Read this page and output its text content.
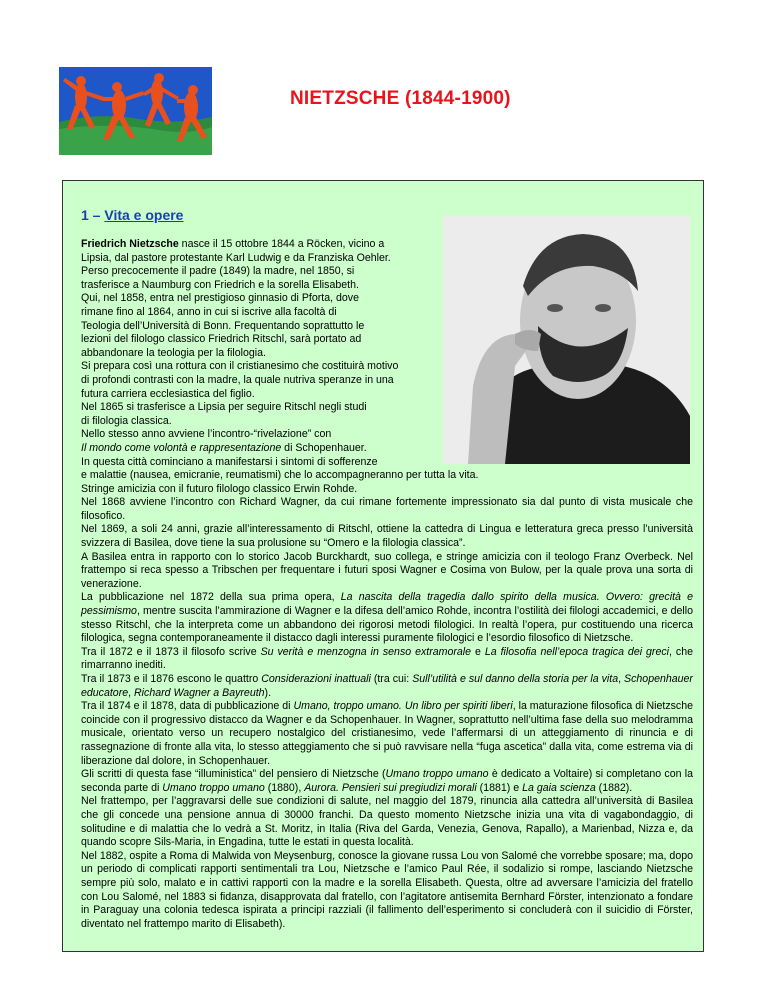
NIETZSCHE (1844-1900)
1 – Vita e opere
Friedrich Nietzsche nasce il 15 ottobre 1844 a Röcken, vicino a
Lipsia, dal pastore protestante Karl Ludwig e da Franziska Oehler.
Perso precocemente il padre (1849) la madre, nel 1850, si
trasferisce a Naumburg con Friedrich e la sorella Elisabeth.
Qui, nel 1858, entra nel prestigioso ginnasio di Pforta, dove
rimane fino al 1864, anno in cui si iscrive alla facoltà di
Teologia dell’Università di Bonn. Frequentando soprattutto le
lezioni del filologo classico Friedrich Ritschl, sarà portato ad
abbandonare la teologia per la filologia.
Si prepara così una rottura con il cristianesimo che costituirà motivo
di profondi contrasti con la madre, la quale nutriva speranze in una
futura carriera ecclesiastica del figlio.
Nel 1865 si trasferisce a Lipsia per seguire Ritschl negli studi
di filologia classica.
Nello stesso anno avviene l’incontro-“rivelazione” con
Il mondo come volontà e rappresentazione di Schopenhauer.
In questa città cominciano a manifestarsi i sintomi di sofferenze
e malattie (nausea, emicranie, reumatismi) che lo accompagneranno per tutta la vita.
Stringe amicizia con il futuro filologo classico Erwin Rohde.
Nel 1868 avviene l’incontro con Richard Wagner, da cui rimane fortemente impressionato sia dal punto di vista musicale che filosofico.
Nel 1869, a soli 24 anni, grazie all’interessamento di Ritschl, ottiene la cattedra di Lingua e letteratura greca presso l’università svizzera di Basilea, dove tiene la sua prolusione su “Omero e la filologia classica”.
A Basilea entra in rapporto con lo storico Jacob Burckhardt, suo collega, e stringe amicizia con il teologo Franz Overbeck. Nel frattempo si reca spesso a Tribschen per frequentare i futuri sposi Wagner e Cosima von Bulow, per la quale prova una sorta di venerazione.
La pubblicazione nel 1872 della sua prima opera, La nascita della tragedia dallo spirito della musica. Ovvero: grecità e pessimismo, mentre suscita l’ammirazione di Wagner e la difesa dell’amico Rohde, incontra l’ostilità dei filologi accademici, e dello stesso Ritschl, che la interpreta come un abbandono dei rigorosi metodi filologici. In realtà l’opera, pur costituendo una ricerca filologica, segna contemporaneamente il distacco dagli interessi puramente filologici e l’esordio filosofico di Nietzsche.
Tra il 1872 e il 1873 il filosofo scrive Su verità e menzogna in senso extramorale e La filosofia nell’epoca tragica dei greci, che rimarranno inediti.
Tra il 1873 e il 1876 escono le quattro Considerazioni inattuali (tra cui: Sull’utilità e sul danno della storia per la vita, Schopenhauer educatore, Richard Wagner a Bayreuth).
Tra il 1874 e il 1878, data di pubblicazione di Umano, troppo umano. Un libro per spiriti liberi, la maturazione filosofica di Nietzsche coincide con il progressivo distacco da Wagner e da Schopenhauer. In Wagner, soprattutto nell’ultima fase della suo melodramma musicale, orientato verso un recupero nostalgico del cristianesimo, vede l’affermarsi di un atteggiamento di rinuncia e di rassegnazione di fronte alla vita, lo stesso atteggiamento che si può ravvisare nella “fuga ascetica” dalla vita, come estrema via di liberazione dal dolore, in Schopenhauer.
Gli scritti di questa fase “illuministica” del pensiero di Nietzsche (Umano troppo umano è dedicato a Voltaire) si completano con la seconda parte di Umano troppo umano (1880), Aurora. Pensieri sui pregiudizi morali (1881) e La gaia scienza (1882).
Nel frattempo, per l’aggravarsi delle sue condizioni di salute, nel maggio del 1879, rinuncia alla cattedra all’università di Basilea che gli concede una pensione annua di 30000 franchi. Da questo momento Nietzsche inizia una vita di vagabondaggio, di solitudine e di malattia che lo vedrà a St. Moritz, in Italia (Riva del Garda, Venezia, Genova, Rapallo), a Marienbad, Nizza e, da quando scopre Sils-Maria, in Engadina, tutte le estati in questa località.
Nel 1882, ospite a Roma di Malwida von Meysenburg, conosce la giovane russa Lou von Salomé che vorrebbe sposare; ma, dopo un periodo di complicati rapporti sentimentali tra Lou, Nietzsche e l’amico Paul Rée, il sodalizio si rompe, lasciando Nietzsche sempre più solo, malato e in cattivi rapporti con la madre e la sorella Elisabeth. Questa, oltre ad avversare l’amicizia del fratello con Lou Salomé, nel 1883 si fidanza, disapprovata dal fratello, con l’agitatore antisemita Bernhard Förster, intenzionato a fondare in Paraguay una colonia tedesca ispirata a principi razziali (il fallimento dell’esperimento si concluderà con il suicidio di Förster, diventato nel frattempo marito di Elisabeth).
